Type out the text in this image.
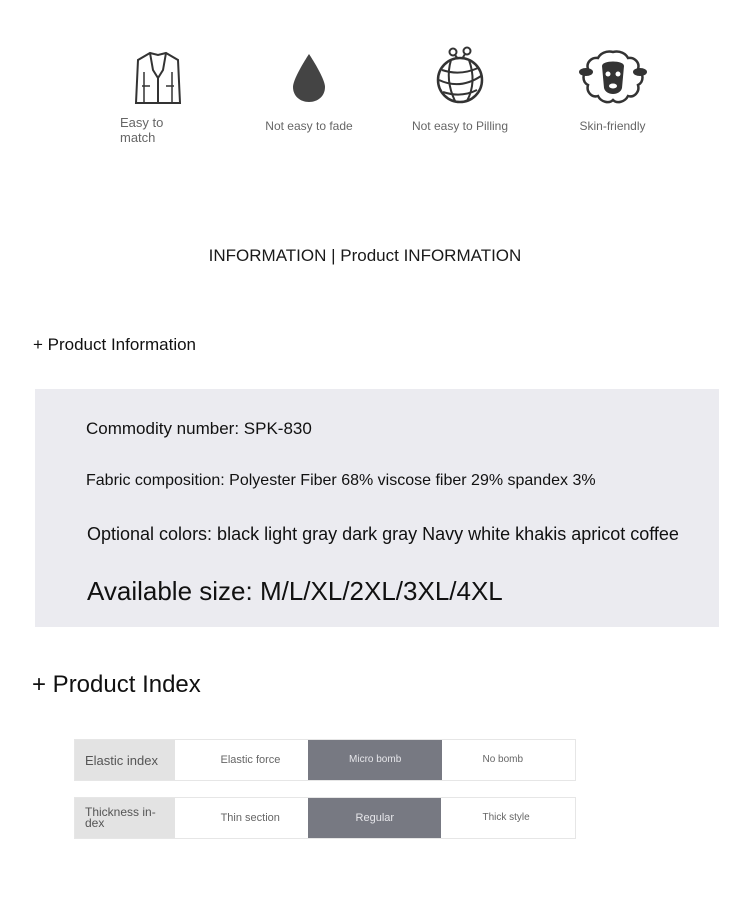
Easy to match
Not easy to fade	Not easy to Pilling	Skin-friendly
INFORMATION | Product INFORMATION
+ Product Information
Commodity number: SPK-830
Fabric composition: Polyester Fiber 68% viscose fiber 29% spandex 3%
Optional colors: black light gray dark gray Navy white khakis apricot coffee
Available size: M/L/XL/2XL/3XL/4XL
+ Product Index
Elastic index	Elastic force	Micro bomb	No bomb
Thickness in-dex	Thin section	Regular	Thick style
